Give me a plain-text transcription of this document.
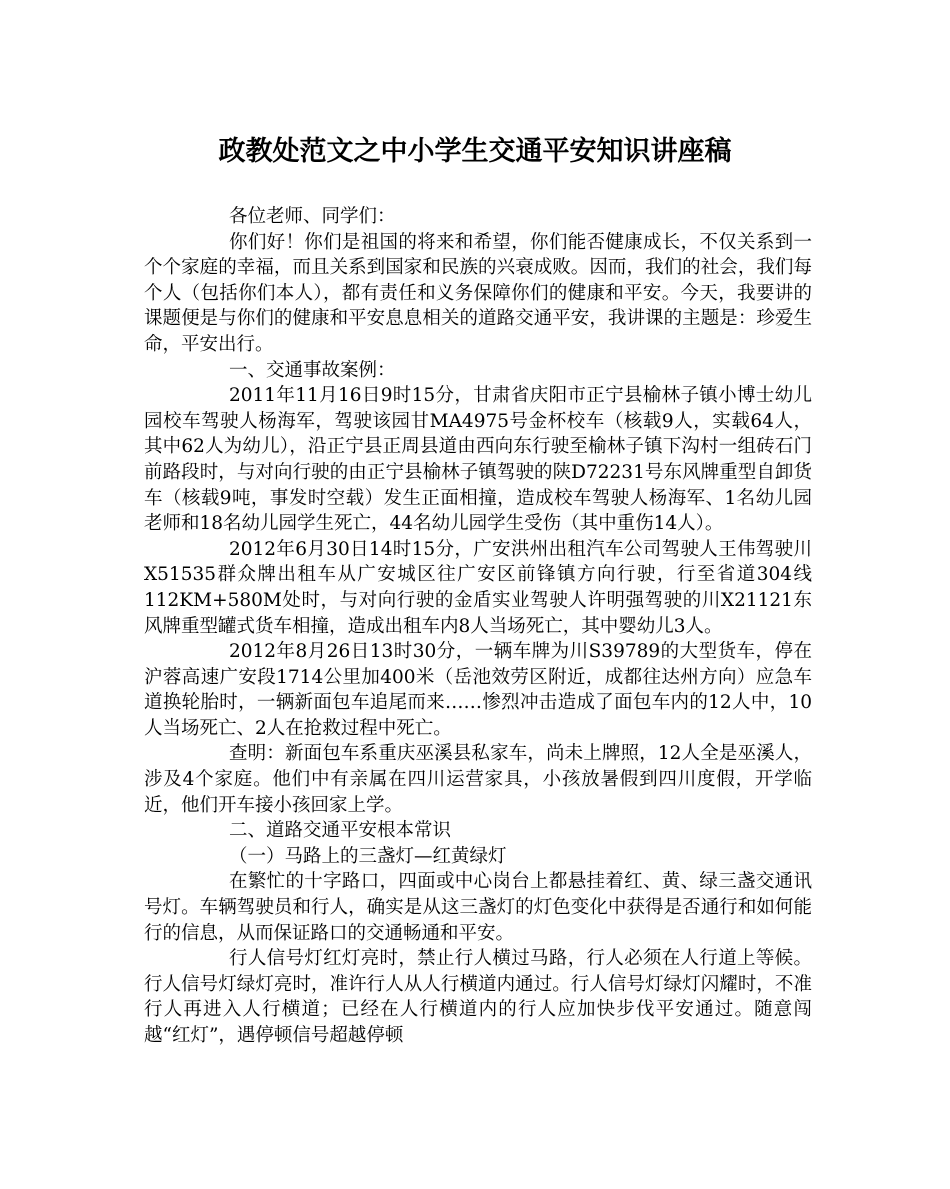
政教处范文之中小学生交通平安知识讲座稿

各位老师、同学们：

你们好！你们是祖国的将来和希望，你们能否健康成长，不仅关系到一个个家庭的幸福，而且关系到国家和民族的兴衰成败。因而，我们的社会，我们每个人（包括你们本人），都有责任和义务保障你们的健康和平安。今天，我要讲的课题便是与你们的健康和平安息息相关的道路交通平安，我讲课的主题是：珍爱生命，平安出行。

一、交通事故案例：

2011年11月16日9时15分，甘肃省庆阳市正宁县榆林子镇小博士幼儿园校车驾驶人杨海军，驾驶该园甘MA4975号金杯校车（核载9人，实载64人，其中62人为幼儿），沿正宁县正周县道由西向东行驶至榆林子镇下沟村一组砖石门前路段时，与对向行驶的由正宁县榆林子镇驾驶的陕D72231号东风牌重型自卸货车（核载9吨，事发时空载）发生正面相撞，造成校车驾驶人杨海军、1名幼儿园老师和18名幼儿园学生死亡，44名幼儿园学生受伤（其中重伤14人）。

2012年6月30日14时15分，广安洪州出租汽车公司驾驶人王伟驾驶川X51535群众牌出租车从广安城区往广安区前锋镇方向行驶，行至省道304线112KM+580M处时，与对向行驶的金盾实业驾驶人许明强驾驶的川X21121东风牌重型罐式货车相撞，造成出租车内8人当场死亡，其中婴幼儿3人。

2012年8月26日13时30分，一辆车牌为川S39789的大型货车，停在沪蓉高速广安段1714公里加400米（岳池效劳区附近，成都往达州方向）应急车道换轮胎时，一辆新面包车追尾而来……惨烈冲击造成了面包车内的12人中，10人当场死亡、2人在抢救过程中死亡。

查明：新面包车系重庆巫溪县私家车，尚未上牌照，12人全是巫溪人，涉及4个家庭。他们中有亲属在四川运营家具，小孩放暑假到四川度假，开学临近，他们开车接小孩回家上学。

二、道路交通平安根本常识

（一）马路上的三盏灯—红黄绿灯

在繁忙的十字路口，四面或中心岗台上都悬挂着红、黄、绿三盏交通讯号灯。车辆驾驶员和行人，确实是从这三盏灯的灯色变化中获得是否通行和如何能行的信息，从而保证路口的交通畅通和平安。

行人信号灯红灯亮时，禁止行人横过马路，行人必须在人行道上等候。行人信号灯绿灯亮时，准许行人从人行横道内通过。行人信号灯绿灯闪耀时，不准行人再进入人行横道；已经在人行横道内的行人应加快步伐平安通过。随意闯越“红灯”，遇停顿信号超越停顿
